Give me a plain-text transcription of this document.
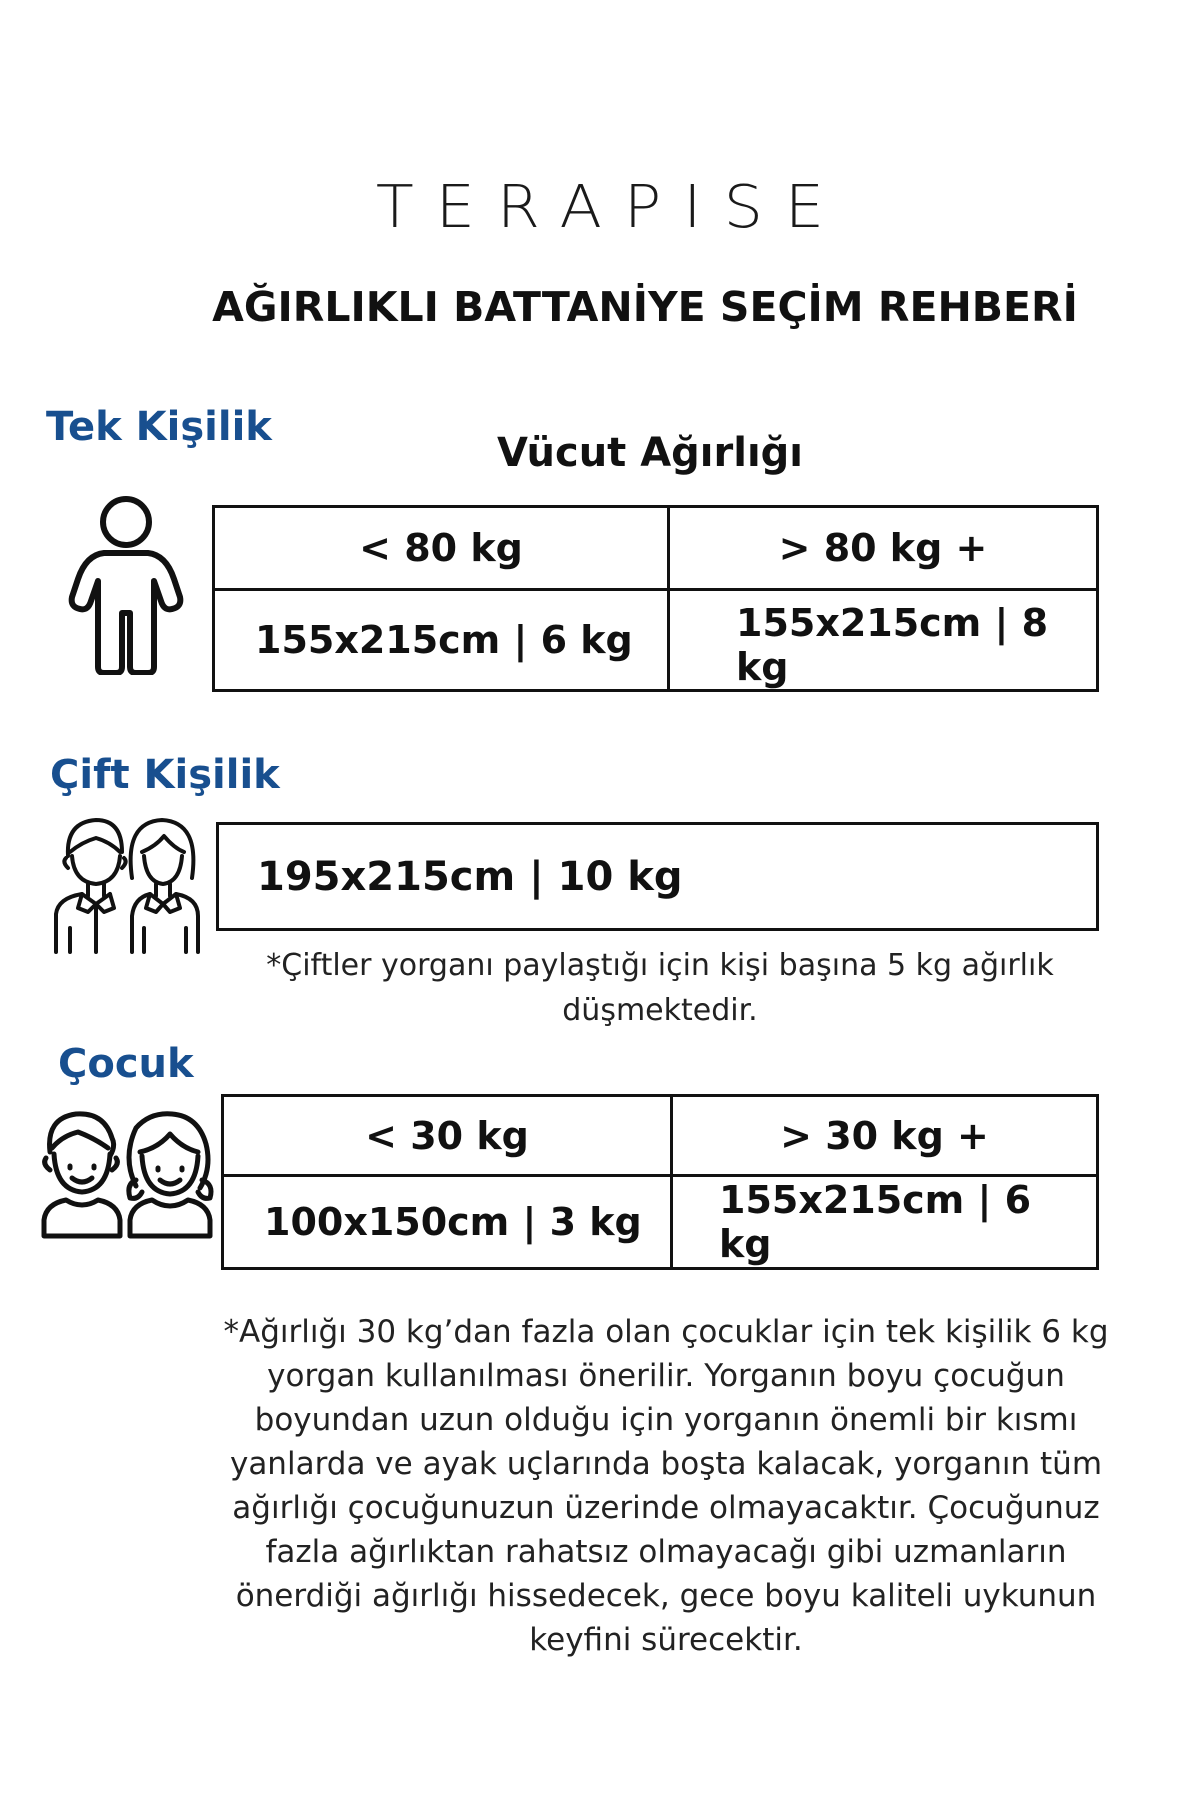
TERAPISE
AĞIRLIKLI BATTANİYE SEÇİM REHBERİ
Tek Kişilik
Vücut Ağırlığı
< 80 kg	> 80 kg +
155x215cm | 6 kg	155x215cm | 8 kg
Çift Kişilik
195x215cm | 10 kg
*Çiftler yorganı paylaştığı için kişi başına 5 kg ağırlık düşmektedir.
Çocuk
< 30 kg	> 30 kg +
100x150cm | 3 kg	155x215cm | 6 kg
*Ağırlığı 30 kg’dan fazla olan çocuklar için tek kişilik 6 kg yorgan kullanılması önerilir. Yorganın boyu çocuğun boyundan uzun olduğu için yorganın önemli bir kısmı yanlarda ve ayak uçlarında boşta kalacak, yorganın tüm ağırlığı çocuğunuzun üzerinde olmayacaktır. Çocuğunuz fazla ağırlıktan rahatsız olmayacağı gibi uzmanların önerdiği ağırlığı hissedecek, gece boyu kaliteli uykunun keyfini sürecektir.
